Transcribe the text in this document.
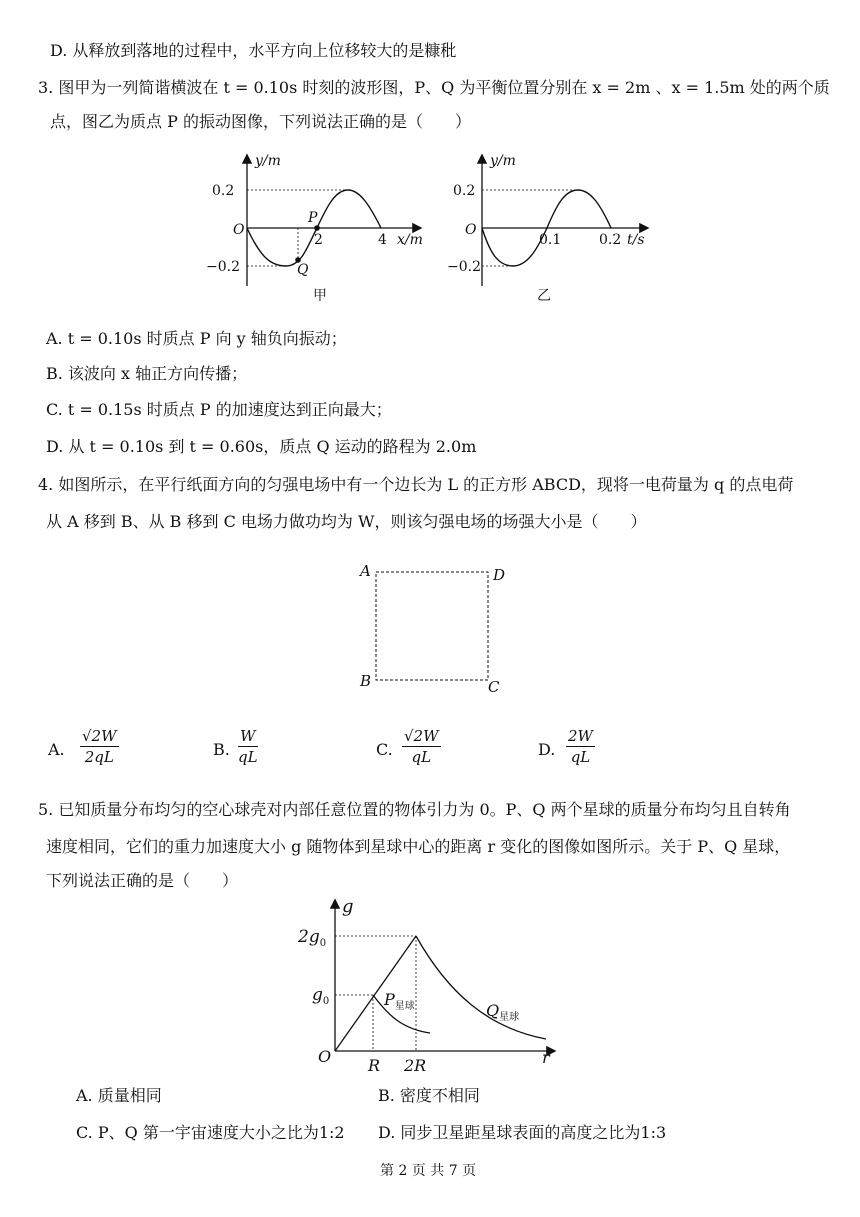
D. 从释放到落地的过程中，水平方向上位移较大的是糠秕
3. 图甲为一列简谐横波在 t = 0.10s 时刻的波形图，P、Q 为平衡位置分别在 x = 2m 、x = 1.5m 处的两个质
点，图乙为质点 P 的振动图像，下列说法正确的是（　　）
y/m
x/m
O
0.2
−0.2
2	4
P
Q
甲
y/m
t/s
O
0.2
−0.2
0.1	0.2
乙
A. t = 0.10s 时质点 P 向 y 轴负向振动；
B. 该波向 x 轴正方向传播；
C. t = 0.15s 时质点 P 的加速度达到正向最大；
D. 从 t = 0.10s 到 t = 0.60s，质点 Q 运动的路程为 2.0m
4. 如图所示，在平行纸面方向的匀强电场中有一个边长为 L 的正方形 ABCD，现将一电荷量为 q 的点电荷
从 A 移到 B、从 B 移到 C 电场力做功均为 W，则该匀强电场的场强大小是（　　）
A	D
B	C
A. $\frac{√2W}{2qL}$	B. $\frac{W}{qL}$	C. $\frac{√2W}{qL}$	D. $\frac{2W}{qL}$
5. 已知质量分布均匀的空心球壳对内部任意位置的物体引力为 0。P、Q 两个星球的质量分布均匀且自转角
速度相同，它们的重力加速度大小 g 随物体到星球中心的距离 r 变化的图像如图所示。关于 P、Q 星球，
下列说法正确的是（　　）
r
g
O
$2g_0$
$g_0$
R 2R
$P_{星球}$	$Q_{星球}$
A. 质量相同	B. 密度不相同
C. P、Q 第一宇宙速度大小之比为1:2 D. 同步卫星距星球表面的高度之比为1:3
第 2 页 共 7 页
